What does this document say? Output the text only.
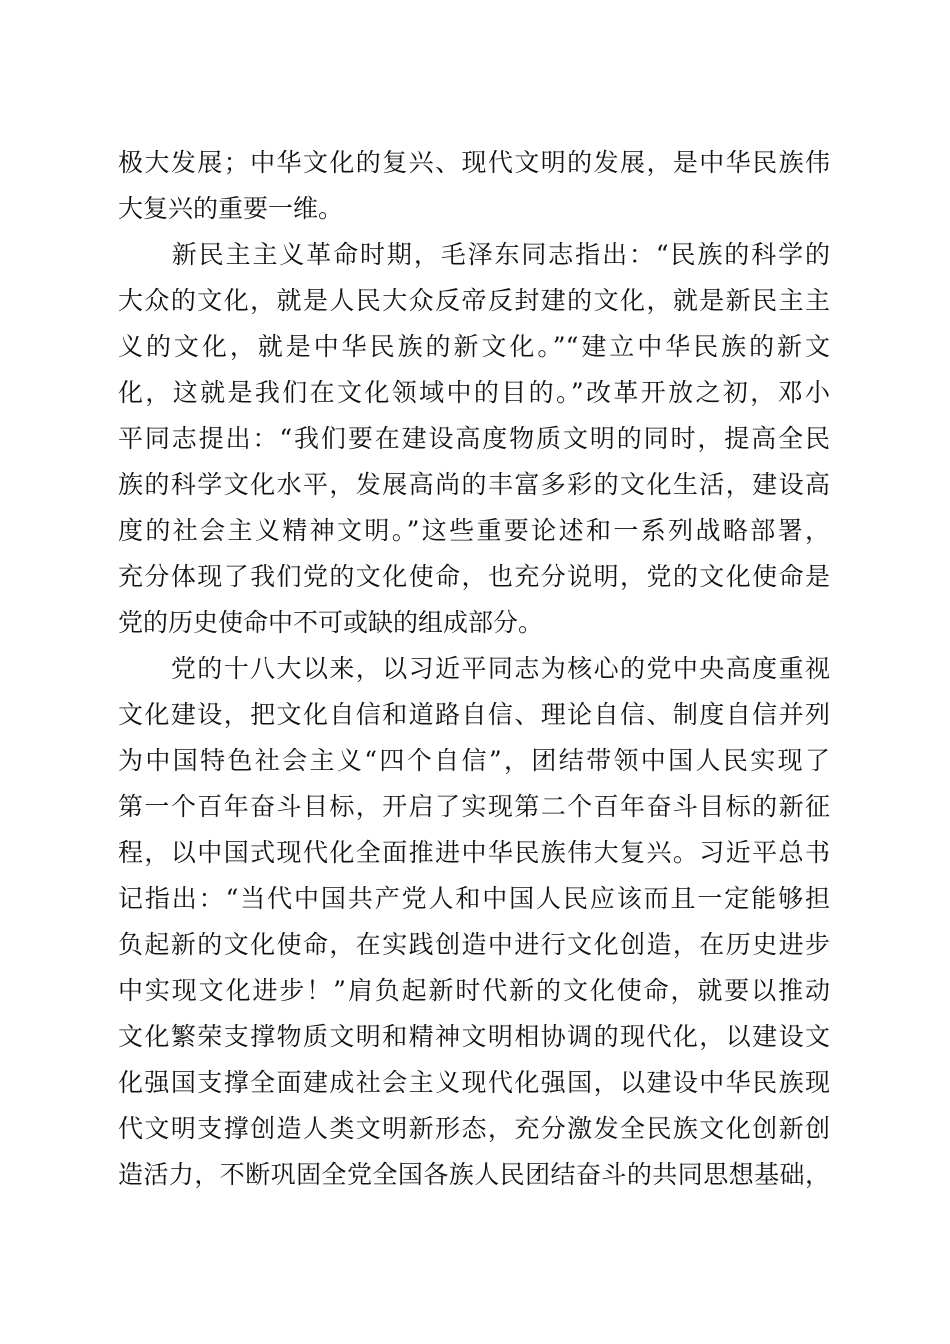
极大发展；中华文化的复兴、现代文明的发展，是中华民族伟
大复兴的重要一维。
　　新民主主义革命时期，毛泽东同志指出：“民族的科学的
大众的文化，就是人民大众反帝反封建的文化，就是新民主主
义的文化，就是中华民族的新文化。”“建立中华民族的新文
化，这就是我们在文化领域中的目的。”改革开放之初，邓小
平同志提出：“我们要在建设高度物质文明的同时，提高全民
族的科学文化水平，发展高尚的丰富多彩的文化生活，建设高
度的社会主义精神文明。”这些重要论述和一系列战略部署，
充分体现了我们党的文化使命，也充分说明，党的文化使命是
党的历史使命中不可或缺的组成部分。
　　党的十八大以来，以习近平同志为核心的党中央高度重视
文化建设，把文化自信和道路自信、理论自信、制度自信并列
为中国特色社会主义“四个自信”，团结带领中国人民实现了
第一个百年奋斗目标，开启了实现第二个百年奋斗目标的新征
程，以中国式现代化全面推进中华民族伟大复兴。习近平总书
记指出：“当代中国共产党人和中国人民应该而且一定能够担
负起新的文化使命，在实践创造中进行文化创造，在历史进步
中实现文化进步！”肩负起新时代新的文化使命，就要以推动
文化繁荣支撑物质文明和精神文明相协调的现代化，以建设文
化强国支撑全面建成社会主义现代化强国，以建设中华民族现
代文明支撑创造人类文明新形态，充分激发全民族文化创新创
造活力，不断巩固全党全国各族人民团结奋斗的共同思想基础，
